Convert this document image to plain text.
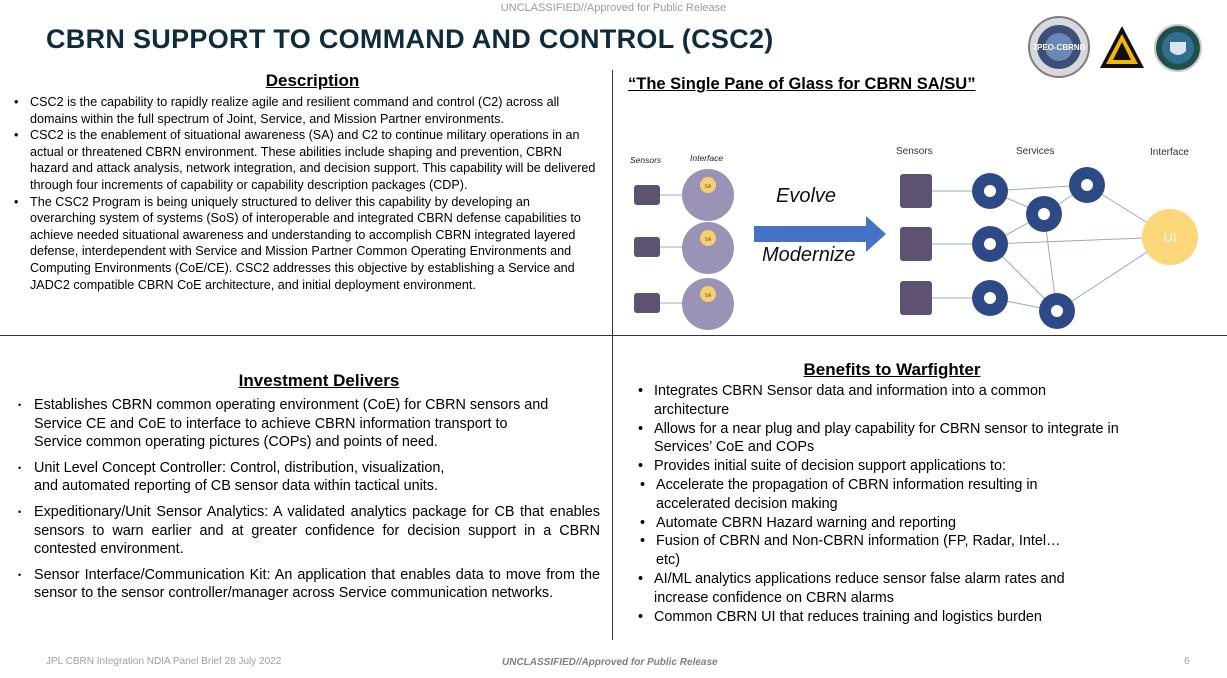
UNCLASSIFIED//Approved for Public Release
CBRN SUPPORT TO COMMAND AND CONTROL (CSC2)	JPEO-CBRND
Description
• CSC2 is the capability to rapidly realize agile and resilient command and control (C2) across all domains within the full spectrum of Joint, Service, and Mission Partner environments.
• CSC2 is the enablement of situational awareness (SA) and C2 to continue military operations in an actual or threatened CBRN environment. These abilities include shaping and prevention, CBRN hazard and attack analysis, network integration, and decision support. This capability will be delivered through four increments of capability or capability description packages (CDP).
• The CSC2 Program is being uniquely structured to deliver this capability by developing an overarching system of systems (SoS) of interoperable and integrated CBRN defense capabilities to achieve needed situational awareness and understanding to accomplish CBRN integrated layered defense, interdependent with Service and Mission Partner Common Operating Environments and Computing Environments (CoE/CE). CSC2 addresses this objective by establishing a Service and JADC2 compatible CBRN CoE architecture, and initial deployment environment.
“The Single Pane of Glass for CBRN SA/SU”
Sensors	Interface
SA
SA
SA
Evolve
Modernize
Sensors	Services	Interface
UI
Investment Delivers
• Establishes CBRN common operating environment (CoE) for CBRN sensors and Service CE and CoE to interface to achieve CBRN information transport to Service common operating pictures (COPs) and points of need.
• Unit Level Concept Controller: Control, distribution, visualization, and automated reporting of CB sensor data within tactical units.
• Expeditionary/Unit Sensor Analytics: A validated analytics package for CB that enables sensors to warn earlier and at greater confidence for decision support in a CBRN contested environment.
• Sensor Interface/Communication Kit: An application that enables data to move from the sensor to the sensor controller/manager across Service communication networks.
Benefits to Warfighter
• Integrates CBRN Sensor data and information into a common architecture
• Allows for a near plug and play capability for CBRN sensor to integrate in Services’ CoE and COPs
• Provides initial suite of decision support applications to:
• Accelerate the propagation of CBRN information resulting in accelerated decision making
• Automate CBRN Hazard warning and reporting
• Fusion of CBRN and Non-CBRN information (FP, Radar, Intel… etc)
• AI/ML analytics applications reduce sensor false alarm rates and increase confidence on CBRN alarms
• Common CBRN UI that reduces training and logistics burden
JPL CBRN Integration NDIA Panel Brief 28 July 2022	UNCLASSIFIED//Approved for Public Release	6
